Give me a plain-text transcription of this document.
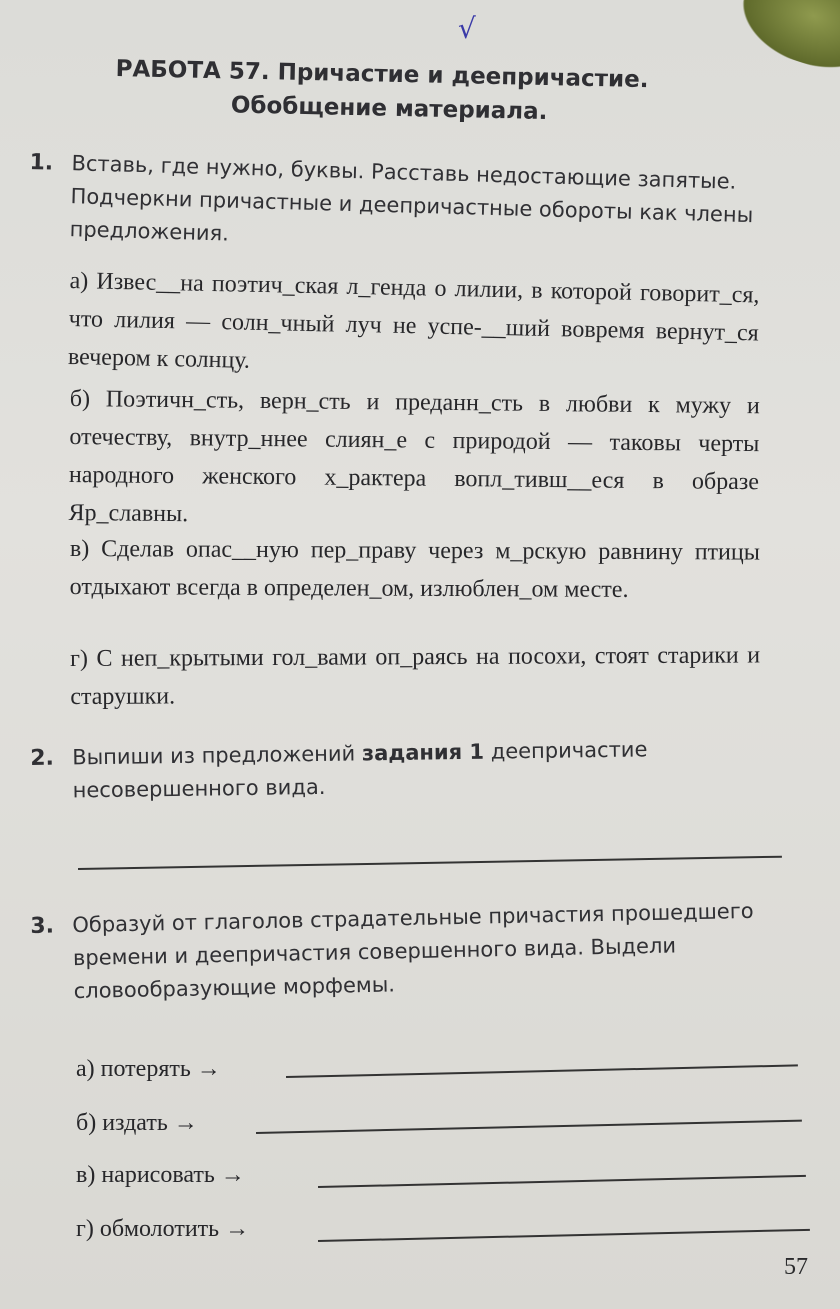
√
РАБОТА 57. Причастие и деепричастие.
Обобщение материала.
1. Вставь, где нужно, буквы. Расставь недостающие запятые. Подчеркни причастные и деепричастные обороты как члены предложения.
а) Извес__на поэтич_ская л_генда о лилии, в которой говорит_ся, что лилия — солн_чный луч не успе-__ший вовремя вернут_ся вечером к солнцу.
б) Поэтичн_сть, верн_сть и преданн_сть в любви к мужу и отечеству, внутр_ннее слиян_е с природой — таковы черты народного женского х_рактера вопл_тивш__еся в образе Яр_славны.
в) Сделав опас__ную пер_праву через м_рскую равнину птицы отдыхают всегда в определен_ом, излюблен_ом месте.
г) С неп_крытыми гол_вами оп_раясь на посохи, стоят старики и старушки.
2. Выпиши из предложений задания 1 деепричастие несовершенного вида.
3. Образуй от глаголов страдательные причастия прошедшего времени и деепричастия совершенного вида. Выдели словообразующие морфемы.
а) потерять →
б) издать →
в) нарисовать →
г) обмолотить →
57
